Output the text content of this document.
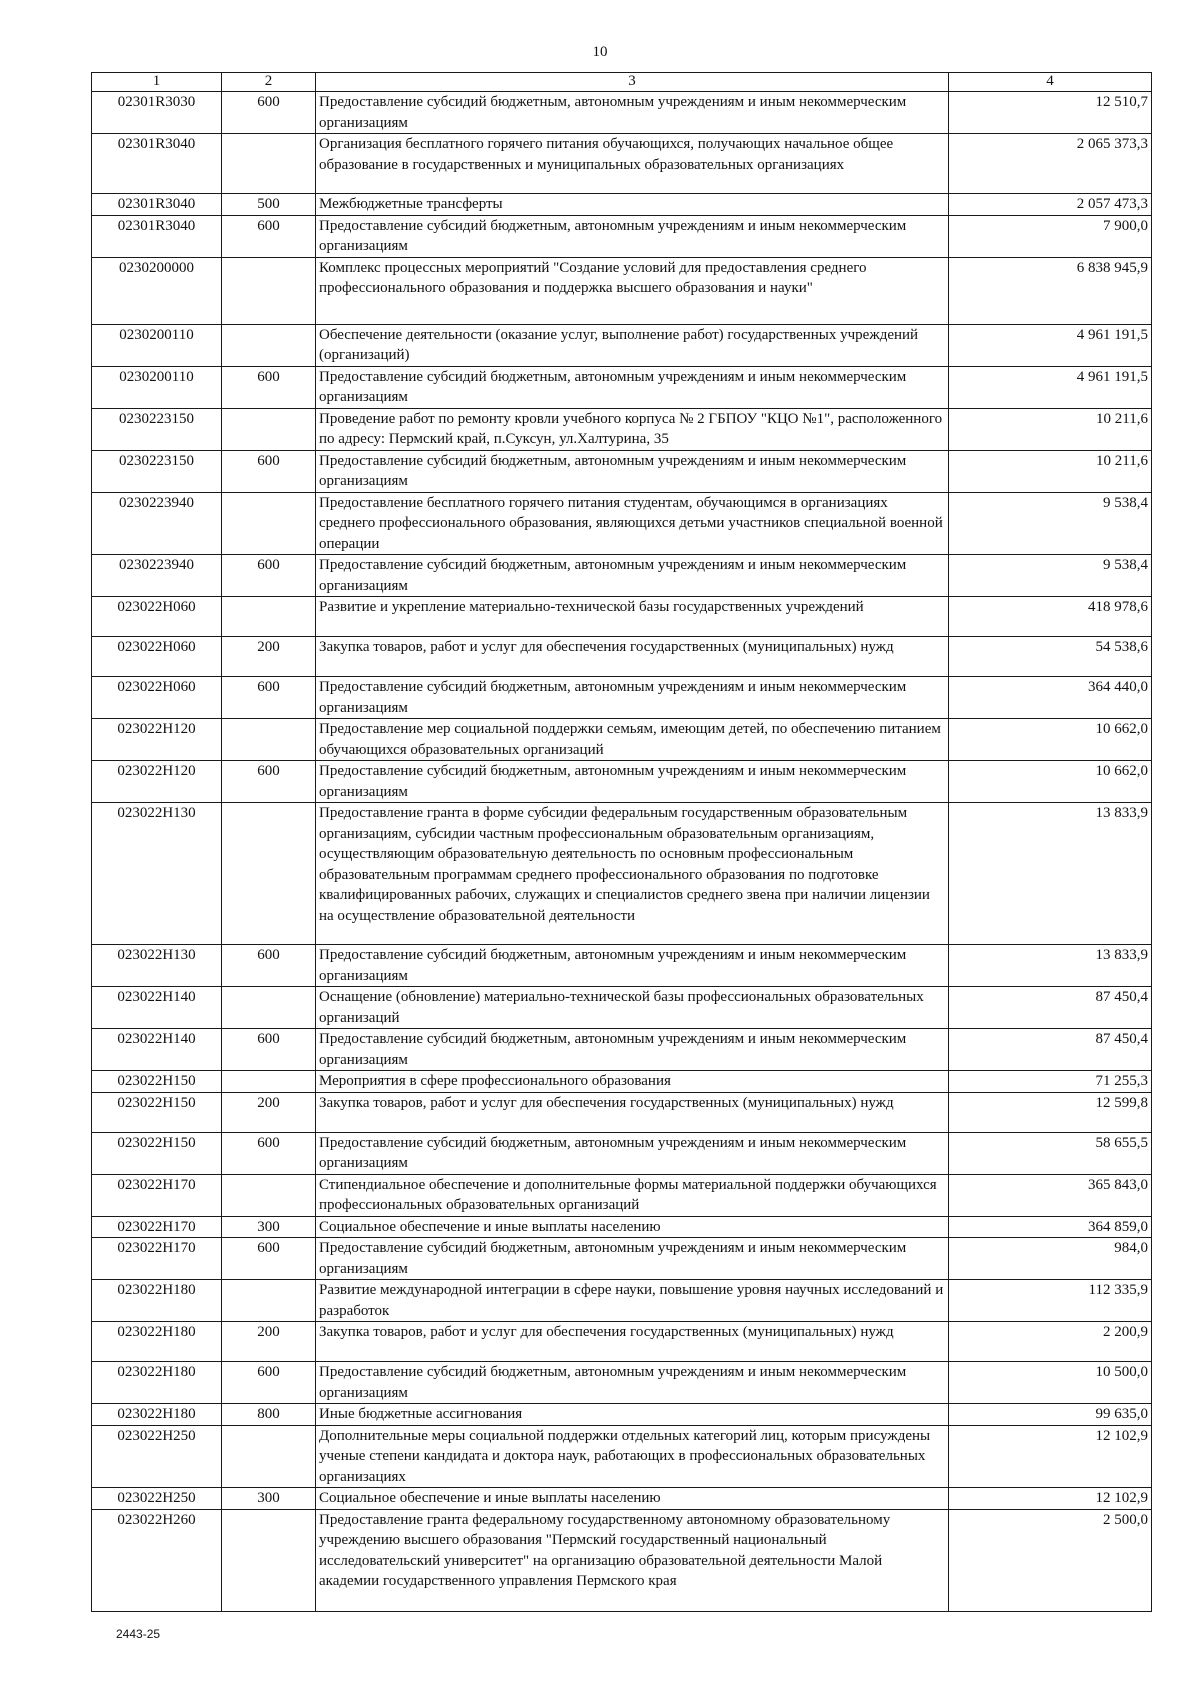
10
1	2	3	4
02301R3030	600	Предоставление субсидий бюджетным, автономным учреждениям и иным некоммерческим организациям	12 510,7
02301R3040		Организация бесплатного горячего питания обучающихся, получающих начальное общее образование в государственных и муниципальных образовательных организациях	2 065 373,3
02301R3040	500	Межбюджетные трансферты	2 057 473,3
02301R3040	600	Предоставление субсидий бюджетным, автономным учреждениям и иным некоммерческим организациям	7 900,0
0230200000		Комплекс процессных мероприятий "Создание условий для предоставления среднего профессионального образования и поддержка высшего образования и науки"	6 838 945,9
0230200110		Обеспечение деятельности (оказание услуг, выполнение работ) государственных учреждений (организаций)	4 961 191,5
0230200110	600	Предоставление субсидий бюджетным, автономным учреждениям и иным некоммерческим организациям	4 961 191,5
0230223150		Проведение работ по ремонту кровли учебного корпуса № 2 ГБПОУ "КЦО №1", расположенного по адресу: Пермский край, п.Суксун, ул.Халтурина, 35	10 211,6
0230223150	600	Предоставление субсидий бюджетным, автономным учреждениям и иным некоммерческим организациям	10 211,6
0230223940		Предоставление бесплатного горячего питания студентам, обучающимся в организациях среднего профессионального образования, являющихся детьми участников специальной военной операции	9 538,4
0230223940	600	Предоставление субсидий бюджетным, автономным учреждениям и иным некоммерческим организациям	9 538,4
023022Н060		Развитие и укрепление материально-технической базы государственных учреждений	418 978,6
023022Н060	200	Закупка товаров, работ и услуг для обеспечения государственных (муниципальных) нужд	54 538,6
023022Н060	600	Предоставление субсидий бюджетным, автономным учреждениям и иным некоммерческим организациям	364 440,0
023022Н120		Предоставление мер социальной поддержки семьям, имеющим детей, по обеспечению питанием обучающихся образовательных организаций	10 662,0
023022Н120	600	Предоставление субсидий бюджетным, автономным учреждениям и иным некоммерческим организациям	10 662,0
023022Н130		Предоставление гранта в форме субсидии федеральным государственным образовательным организациям, субсидии частным профессиональным образовательным организациям, осуществляющим образовательную деятельность по основным профессиональным образовательным программам среднего профессионального образования по подготовке квалифицированных рабочих, служащих и специалистов среднего звена при наличии лицензии на осуществление образовательной деятельности	13 833,9
023022Н130	600	Предоставление субсидий бюджетным, автономным учреждениям и иным некоммерческим организациям	13 833,9
023022Н140		Оснащение (обновление) материально-технической базы профессиональных образовательных организаций	87 450,4
023022Н140	600	Предоставление субсидий бюджетным, автономным учреждениям и иным некоммерческим организациям	87 450,4
023022Н150		Мероприятия в сфере профессионального образования	71 255,3
023022Н150	200	Закупка товаров, работ и услуг для обеспечения государственных (муниципальных) нужд	12 599,8
023022Н150	600	Предоставление субсидий бюджетным, автономным учреждениям и иным некоммерческим организациям	58 655,5
023022Н170		Стипендиальное обеспечение и дополнительные формы материальной поддержки обучающихся профессиональных образовательных организаций	365 843,0
023022Н170	300	Социальное обеспечение и иные выплаты населению	364 859,0
023022Н170	600	Предоставление субсидий бюджетным, автономным учреждениям и иным некоммерческим организациям	984,0
023022Н180		Развитие международной интеграции в сфере науки, повышение уровня научных исследований и разработок	112 335,9
023022Н180	200	Закупка товаров, работ и услуг для обеспечения государственных (муниципальных) нужд	2 200,9
023022Н180	600	Предоставление субсидий бюджетным, автономным учреждениям и иным некоммерческим организациям	10 500,0
023022Н180	800	Иные бюджетные ассигнования	99 635,0
023022Н250		Дополнительные меры социальной поддержки отдельных категорий лиц, которым присуждены ученые степени кандидата и доктора наук, работающих в профессиональных образовательных организациях	12 102,9
023022Н250	300	Социальное обеспечение и иные выплаты населению	12 102,9
023022Н260		Предоставление гранта федеральному государственному автономному образовательному учреждению высшего образования "Пермский государственный национальный исследовательский университет" на организацию образовательной деятельности Малой академии государственного управления Пермского края	2 500,0
2443-25
